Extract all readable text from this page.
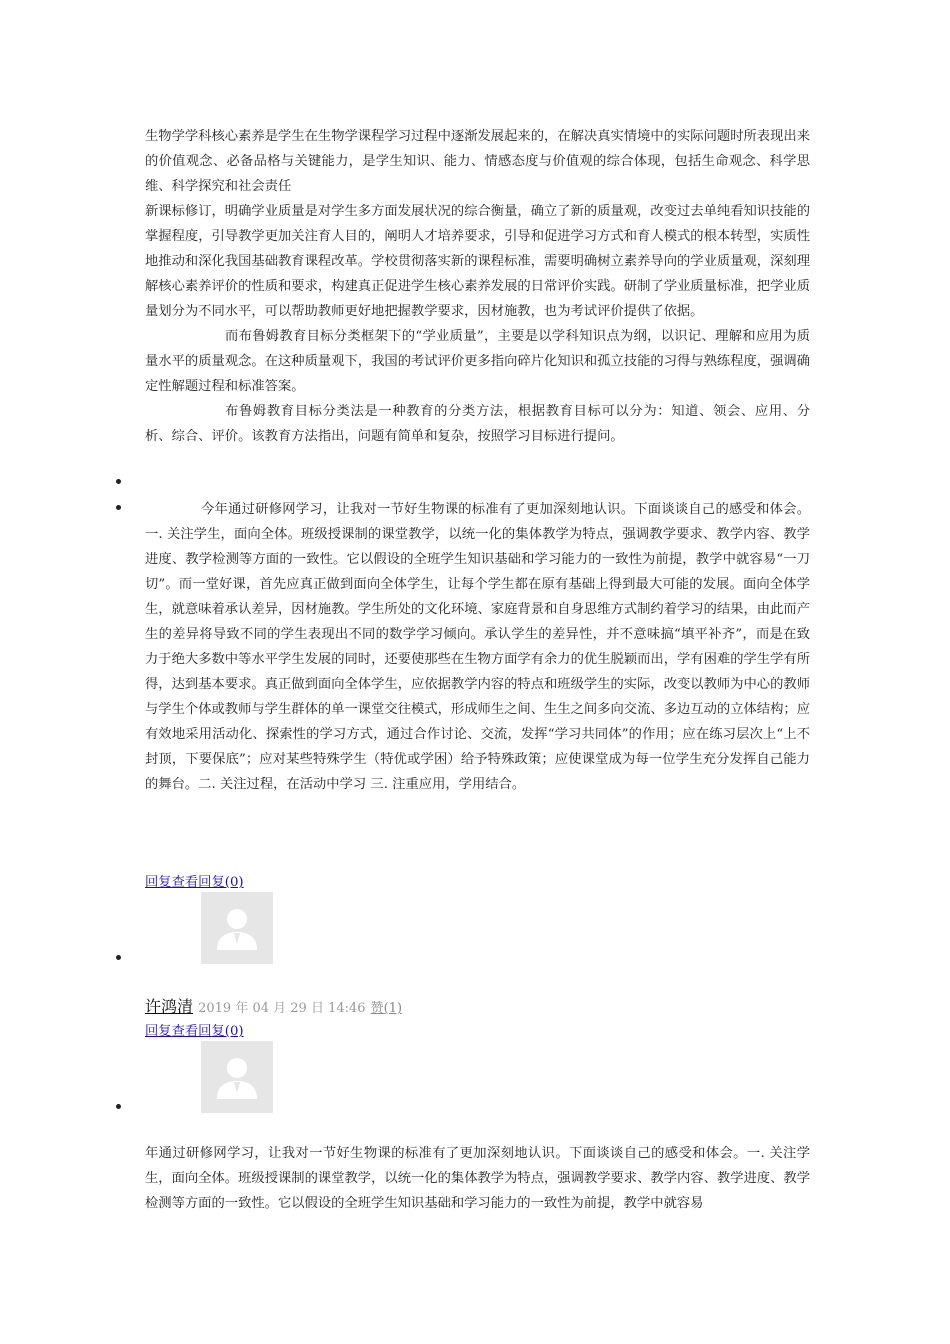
生物学学科核心素养是学生在生物学课程学习过程中逐渐发展起来的，在解决真实情境中的实际问题时所表现出来的价值观念、必备品格与关键能力，是学生知识、能力、情感态度与价值观的综合体现，包括生命观念、科学思维、科学探究和社会责任

新课标修订，明确学业质量是对学生多方面发展状况的综合衡量，确立了新的质量观，改变过去单纯看知识技能的掌握程度，引导教学更加关注育人目的，阐明人才培养要求，引导和促进学习方式和育人模式的根本转型，实质性地推动和深化我国基础教育课程改革。学校贯彻落实新的课程标准，需要明确树立素养导向的学业质量观，深刻理解核心素养评价的性质和要求，构建真正促进学生核心素养发展的日常评价实践。研制了学业质量标准，把学业质量划分为不同水平，可以帮助教师更好地把握教学要求，因材施教，也为考试评价提供了依据。

而布鲁姆教育目标分类框架下的“学业质量”，主要是以学科知识点为纲，以识记、理解和应用为质量水平的质量观念。在这种质量观下，我国的考试评价更多指向碎片化知识和孤立技能的习得与熟练程度，强调确定性解题过程和标准答案。

布鲁姆教育目标分类法是一种教育的分类方法，根据教育目标可以分为：知道、领会、应用、分析、综合、评价。该教育方法指出，问题有简单和复杂，按照学习目标进行提问。

今年通过研修网学习，让我对一节好生物课的标准有了更加深刻地认识。下面谈谈自己的感受和体会。一. 关注学生，面向全体。班级授课制的课堂教学，以统一化的集体教学为特点，强调教学要求、教学内容、教学进度、教学检测等方面的一致性。它以假设的全班学生知识基础和学习能力的一致性为前提，教学中就容易“一刀切”。而一堂好课，首先应真正做到面向全体学生，让每个学生都在原有基础上得到最大可能的发展。面向全体学生，就意味着承认差异，因材施教。学生所处的文化环境、家庭背景和自身思维方式制约着学习的结果，由此而产生的差异将导致不同的学生表现出不同的数学学习倾向。承认学生的差异性，并不意味搞“填平补齐”，而是在致力于绝大多数中等水平学生发展的同时，还要使那些在生物方面学有余力的优生脱颖而出，学有困难的学生学有所得，达到基本要求。真正做到面向全体学生，应依据教学内容的特点和班级学生的实际，改变以教师为中心的教师与学生个体或教师与学生群体的单一课堂交往模式，形成师生之间、生生之间多向交流、多边互动的立体结构；应有效地采用活动化、探索性的学习方式，通过合作讨论、交流，发挥“学习共同体”的作用；应在练习层次上“上不封顶，下要保底”；应对某些特殊学生（特优或学困）给予特殊政策；应使课堂成为每一位学生充分发挥自己能力的舞台。二. 关注过程，在活动中学习 三. 注重应用，学用结合。

回复查看回复(0)
许鸿清 2019 年 04 月 29 日 14:46 赞(1)
回复查看回复(0)

年通过研修网学习，让我对一节好生物课的标准有了更加深刻地认识。下面谈谈自己的感受和体会。一. 关注学生，面向全体。班级授课制的课堂教学，以统一化的集体教学为特点，强调教学要求、教学内容、教学进度、教学检测等方面的一致性。它以假设的全班学生知识基础和学习能力的一致性为前提，教学中就容易
